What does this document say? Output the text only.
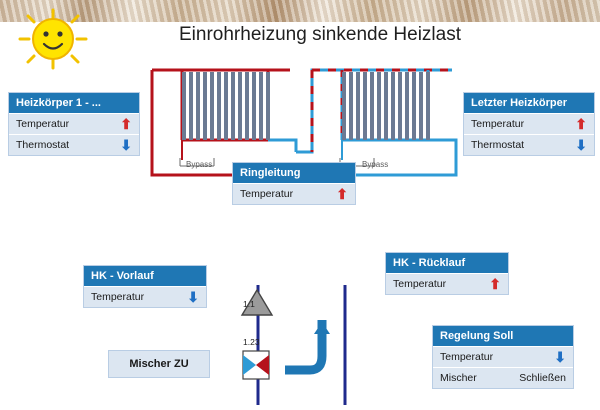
Einrohrheizung sinkende Heizlast
Bypass	Bypass
1.1
1.23
Heizkörper 1 - ...
Temperatur	⬆
Thermostat	⬇
Letzter Heizkörper
Temperatur	⬆
Thermostat	⬇
Ringleitung
Temperatur	⬆
HK - Vorlauf
Temperatur	⬇
HK - Rücklauf
Temperatur	⬆
Regelung Soll
Temperatur	⬇
Mischer	Schließen
Mischer ZU
